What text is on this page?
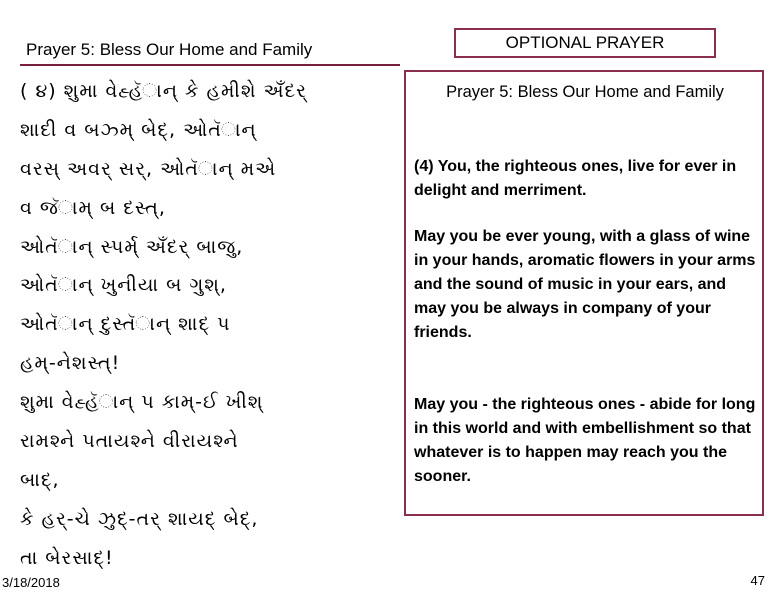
Prayer 5: Bless Our Home and Family
( ૪) શુમા વેહ્હૅાન્ કે હમીશે અઁદર્
શાદી વ બઝ્મ્ બેદ્, ઓતૅાન્
વરસ્ અવર્ સર્, ઓતૅાન્ મએ
વ જૅામ્ બ દસ્ત્,
ઓતૅાન્ સ્પર્મ્ અઁદર્ બાજુ,
ઓતૅાન્ ખુનીયા બ ગુશ્,
ઓતૅાન્ દુસ્તૅાન્ શાદ્ પ
હમ્-નેશસ્ત્!
શુમા વેહ્હૅાન્ પ કામ્-ઈ ખીશ્
રામશ્ને પતાયશ્ને વીરાયશ્ને
બાદ્,
કે હર્-ચે ઝુદ્-તર્ શાયદ્ બેદ્,
તા બેરસાદ્!
OPTIONAL PRAYER
Prayer 5: Bless Our Home and Family
(4) You, the righteous ones, live for ever in delight and merriment.
May you be ever young, with a glass of wine in your hands, aromatic flowers in your arms and the sound of music in your ears, and may you be always in company of your friends.
May you - the righteous ones - abide for long in this world and with embellishment so that whatever is to happen may reach you the sooner.
3/18/2018	47
